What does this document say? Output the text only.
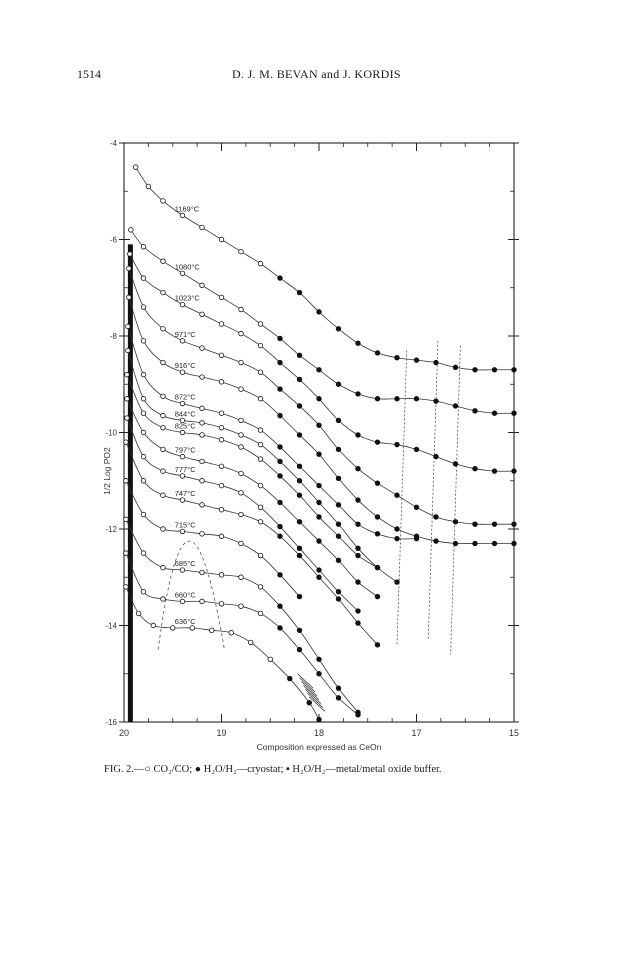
1514	D. J. M. BEVAN and J. KORDIS
20	19	18	17	15
-4
-6
-8
-10
-12
-14
-16
Composition expressed as CeOn
1/2 Log PO2
1169°C
1080°C
1023°C
971°C
916°C
872°C
844°C
825°C
797°C
777°C
747°C
715°C
685°C
660°C
636°C
FIG. 2.—○ CO₂/CO; ● H₂O/H₂—cryostat; ▪ H₂O/H₂—metal/metal oxide buffer.
